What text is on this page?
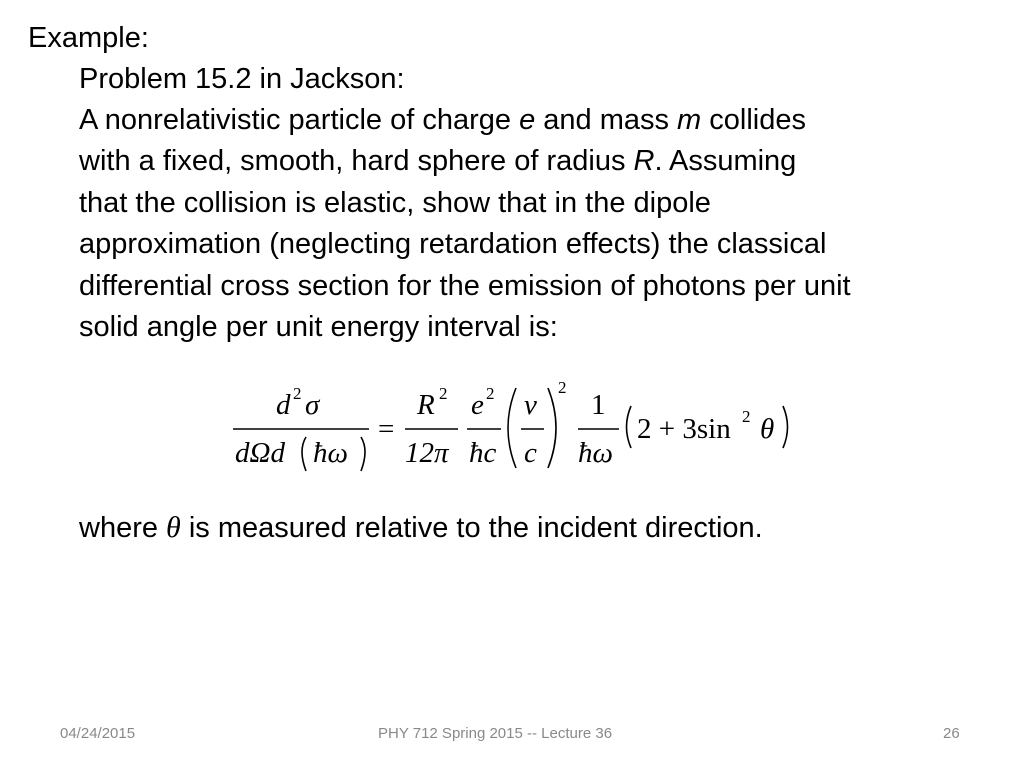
Example:
Problem 15.2 in Jackson:
A nonrelativistic particle of charge e and mass m collides
with a fixed, smooth, hard sphere of radius R. Assuming
that the collision is elastic, show that in the dipole
approximation (neglecting retardation effects) the classical
differential cross section for the emission of photons per unit
solid angle per unit energy interval is:
d 2 σ
dΩd ħω
=
R 2
12π
e 2
ħc
v
c
2
1
ħω
2 + 3sin 2 θ
where θ is measured relative to the incident direction.
04/24/2015	PHY 712 Spring 2015 -- Lecture 36	26
